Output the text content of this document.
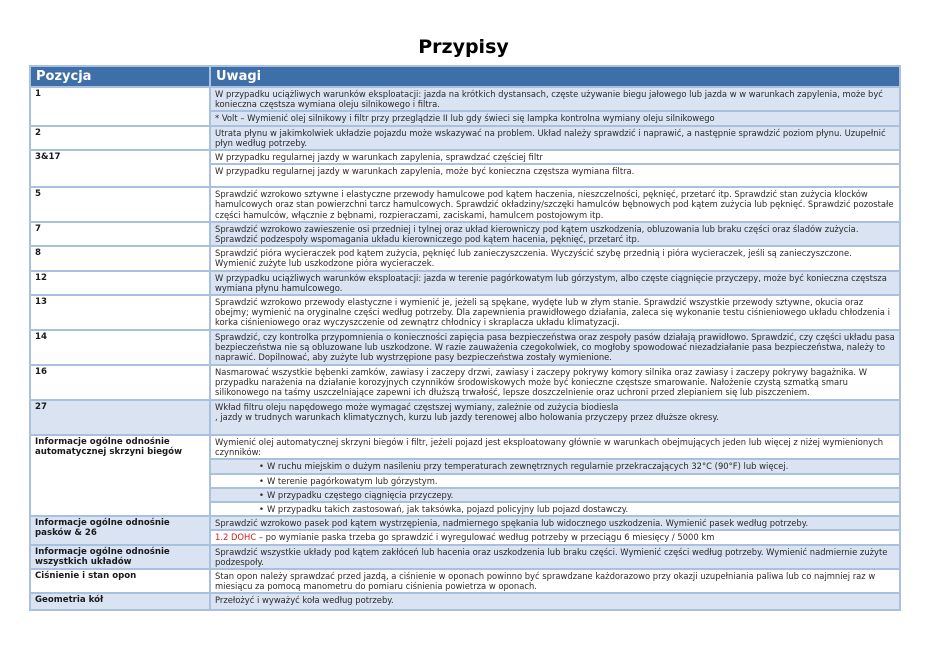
Przypisy
Pozycja	Uwagi
1	W przypadku uciążliwych warunków eksploatacji: jazda na krótkich dystansach, częste używanie biegu jałowego lub jazda w w warunkach zapylenia, może być konieczna częstsza wymiana oleju silnikowego i filtra.
	* Volt – Wymienić olej silnikowy i filtr przy przeglądzie II lub gdy świeci się lampka kontrolna wymiany oleju silnikowego
2	Utrata płynu w jakimkolwiek układzie pojazdu może wskazywać na problem. Układ należy sprawdzić i naprawić, a następnie sprawdzić poziom płynu. Uzupełnić płyn według potrzeby.
3&17	W przypadku regularnej jazdy w warunkach zapylenia, sprawdzać częściej filtr
	W przypadku regularnej jazdy w warunkach zapylenia, może być konieczna częstsza wymiana filtra.
5	Sprawdzić wzrokowo sztywne i elastyczne przewody hamulcowe pod kątem haczenia, nieszczelności, pęknięć, przetarć itp. Sprawdzić stan zużycia klocków hamulcowych oraz stan powierzchni tarcz hamulcowych. Sprawdzić okładziny/szczęki hamulców bębnowych pod kątem zużycia lub pęknięć. Sprawdzić pozostałe części hamulców, włącznie z bębnami, rozpieraczami, zaciskami, hamulcem postojowym itp.
7	Sprawdzić wzrokowo zawieszenie osi przedniej i tylnej oraz układ kierowniczy pod kątem uszkodzenia, obluzowania lub braku części oraz śladów zużycia. Sprawdzić podzespoły wspomagania układu kierowniczego pod kątem hacenia, pęknięć, przetarć itp.
8	Sprawdzić pióra wycieraczek pod kątem zużycia, pęknięć lub zanieczyszczenia. Wyczyścić szybę przednią i pióra wycieraczek, jeśli są zanieczyszczone. Wymienić zużyte lub uszkodzone pióra wycieraczek.
12	W przypadku uciążliwych warunków eksploatacji: jazda w terenie pagórkowatym lub górzystym, albo częste ciągnięcie przyczepy, może być konieczna częstsza wymiana płynu hamulcowego.
13	Sprawdzić wzrokowo przewody elastyczne i wymienić je, jeżeli są spękane, wydęte lub w złym stanie. Sprawdzić wszystkie przewody sztywne, okucia oraz obejmy; wymienić na oryginalne części według potrzeby. Dla zapewnienia prawidłowego działania, zaleca się wykonanie testu ciśnieniowego układu chłodzenia i korka ciśnieniowego oraz wyczyszczenie od zewnątrz chłodnicy i skraplacza układu klimatyzacji.
14	Sprawdzić, czy kontrolka przypomnienia o konieczności zapięcia pasa bezpieczeństwa oraz zespoły pasów działają prawidłowo. Sprawdzić, czy części układu pasa bezpieczeństwa nie są obluzowane lub uszkodzone. W razie zauważenia czegokolwiek, co mogłoby spowodować niezadziałanie pasa bezpieczeństwa, należy to naprawić. Dopilnować, aby zużyte lub wystrzępione pasy bezpieczeństwa zostały wymienione.
16	Nasmarować wszystkie bębenki zamków, zawiasy i zaczepy drzwi, zawiasy i zaczepy pokrywy komory silnika oraz zawiasy i zaczepy pokrywy bagażnika. W przypadku narażenia na działanie korozyjnych czynników środowiskowych może być konieczne częstsze smarowanie. Nałożenie czystą szmatką smaru silikonowego na taśmy uszczelniające zapewni ich dłuższą trwałość, lepsze doszczelnienie oraz uchroni przed zlepianiem się lub piszczeniem.
27	Wkład filtru oleju napędowego może wymagać częstszej wymiany, zależnie od zużycia biodiesla
, jazdy w trudnych warunkach klimatycznych, kurzu lub jazdy terenowej albo holowania przyczepy przez dłuższe okresy.
Informacje ogólne odnośnie automatycznej skrzyni biegów	Wymienić olej automatycznej skrzyni biegów i filtr, jeżeli pojazd jest eksploatowany głównie w warunkach obejmujących jeden lub więcej z niżej wymienionych czynników:
	• W ruchu miejskim o dużym nasileniu przy temperaturach zewnętrznych regularnie przekraczających 32°C (90°F) lub więcej.
	• W terenie pagórkowatym lub górzystym.
	• W przypadku częstego ciągnięcia przyczepy.
	• W przypadku takich zastosowań, jak taksówka, pojazd policyjny lub pojazd dostawczy.
Informacje ogólne odnośnie pasków & 26	Sprawdzić wzrokowo pasek pod kątem wystrzępienia, nadmiernego spękania lub widocznego uszkodzenia. Wymienić pasek według potrzeby.
	1.2 DOHC – po wymianie paska trzeba go sprawdzić i wyregulować według potrzeby w przeciągu 6 miesięcy / 5000 km
Informacje ogólne odnośnie wszystkich układów	Sprawdzić wszystkie układy pod kątem zakłóceń lub hacenia oraz uszkodzenia lub braku części. Wymienić części według potrzeby. Wymienić nadmiernie zużyte podzespoły.
Ciśnienie i stan opon	Stan opon należy sprawdzać przed jazdą, a ciśnienie w oponach powinno być sprawdzane każdorazowo przy okazji uzupełniania paliwa lub co najmniej raz w miesiącu za pomocą manometru do pomiaru ciśnienia powietrza w oponach.
Geometria kół	Przełożyć i wyważyć koła według potrzeby.
